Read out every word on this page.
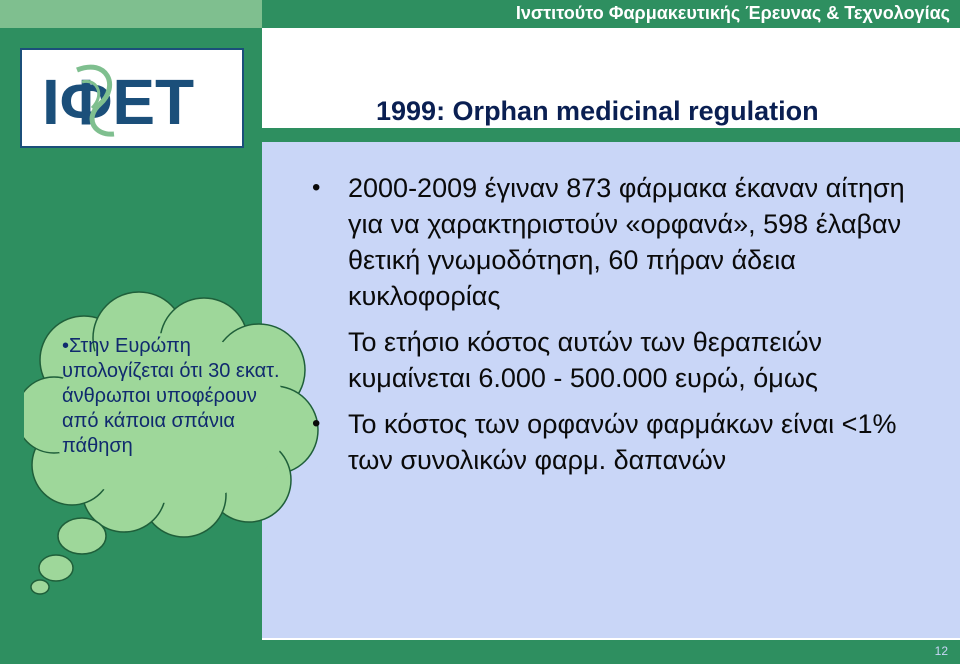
Ινστιτούτο Φαρμακευτικής Έρευνας & Τεχνολογίας
1999: Orphan medicinal regulation
ΙΦΕΤ
•Στην Ευρώπη υπολογίζεται ότι 30 εκατ. άνθρωποι υποφέρουν από κάποια σπάνια πάθηση
• 2000-2009 έγιναν 873 φάρμακα έκαναν αίτηση για να χαρακτηριστούν «ορφανά», 598 έλαβαν θετική γνωμοδότηση, 60 πήραν άδεια κυκλοφορίας
Το ετήσιο κόστος αυτών των θεραπειών κυμαίνεται 6.000 - 500.000 ευρώ, όμως
• Το κόστος των ορφανών φαρμάκων είναι <1% των συνολικών φαρμ. δαπανών
12
